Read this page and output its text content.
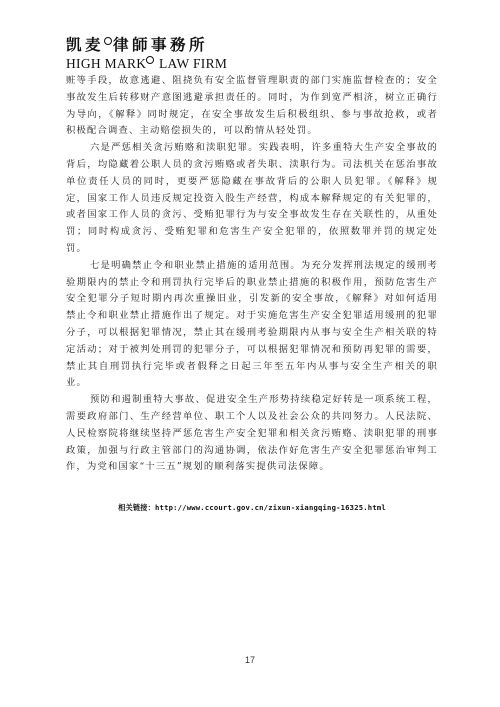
凯麦 律師事務所
HIGH MARK LAW FIRM

赃等手段，故意逃避、阻挠负有安全监督管理职责的部门实施监督检查的；安全事故发生后转移财产意图逃避承担责任的。同时，为作到宽严相济，树立正确行为导向，《解释》同时规定，在安全事故发生后积极组织、参与事故抢救，或者积极配合调查、主动赔偿损失的，可以酌情从轻处罚。

六是严惩相关贪污贿赂和渎职犯罪。实践表明，许多重特大生产安全事故的背后，均隐藏着公职人员的贪污贿赂或者失职、渎职行为。司法机关在惩治事故单位责任人员的同时，更要严惩隐藏在事故背后的公职人员犯罪。《解释》规定，国家工作人员违反规定投资入股生产经营，构成本解释规定的有关犯罪的，或者国家工作人员的贪污、受贿犯罪行为与安全事故发生存在关联性的，从重处罚；同时构成贪污、受贿犯罪和危害生产安全犯罪的，依照数罪并罚的规定处罚。

七是明确禁止令和职业禁止措施的适用范围。为充分发挥刑法规定的缓刑考验期限内的禁止令和刑罚执行完毕后的职业禁止措施的积极作用，预防危害生产安全犯罪分子短时期内再次重操旧业，引发新的安全事故，《解释》对如何适用禁止令和职业禁止措施作出了规定。对于实施危害生产安全犯罪适用缓刑的犯罪分子，可以根据犯罪情况，禁止其在缓刑考验期限内从事与安全生产相关联的特定活动；对于被判处刑罚的犯罪分子，可以根据犯罪情况和预防再犯罪的需要，禁止其自刑罚执行完毕或者假释之日起三年至五年内从事与安全生产相关的职业。

预防和遏制重特大事故、促进安全生产形势持续稳定好转是一项系统工程，需要政府部门、生产经营单位、职工个人以及社会公众的共同努力。人民法院、人民检察院将继续坚持严惩危害生产安全犯罪和相关贪污贿赂、渎职犯罪的刑事政策，加强与行政主管部门的沟通协调，依法作好危害生产安全犯罪惩治审判工作，为党和国家“十三五”规划的顺利落实提供司法保障。

相关链接：http://www.ccourt.gov.cn/zixun-xiangqing-16325.html
17
